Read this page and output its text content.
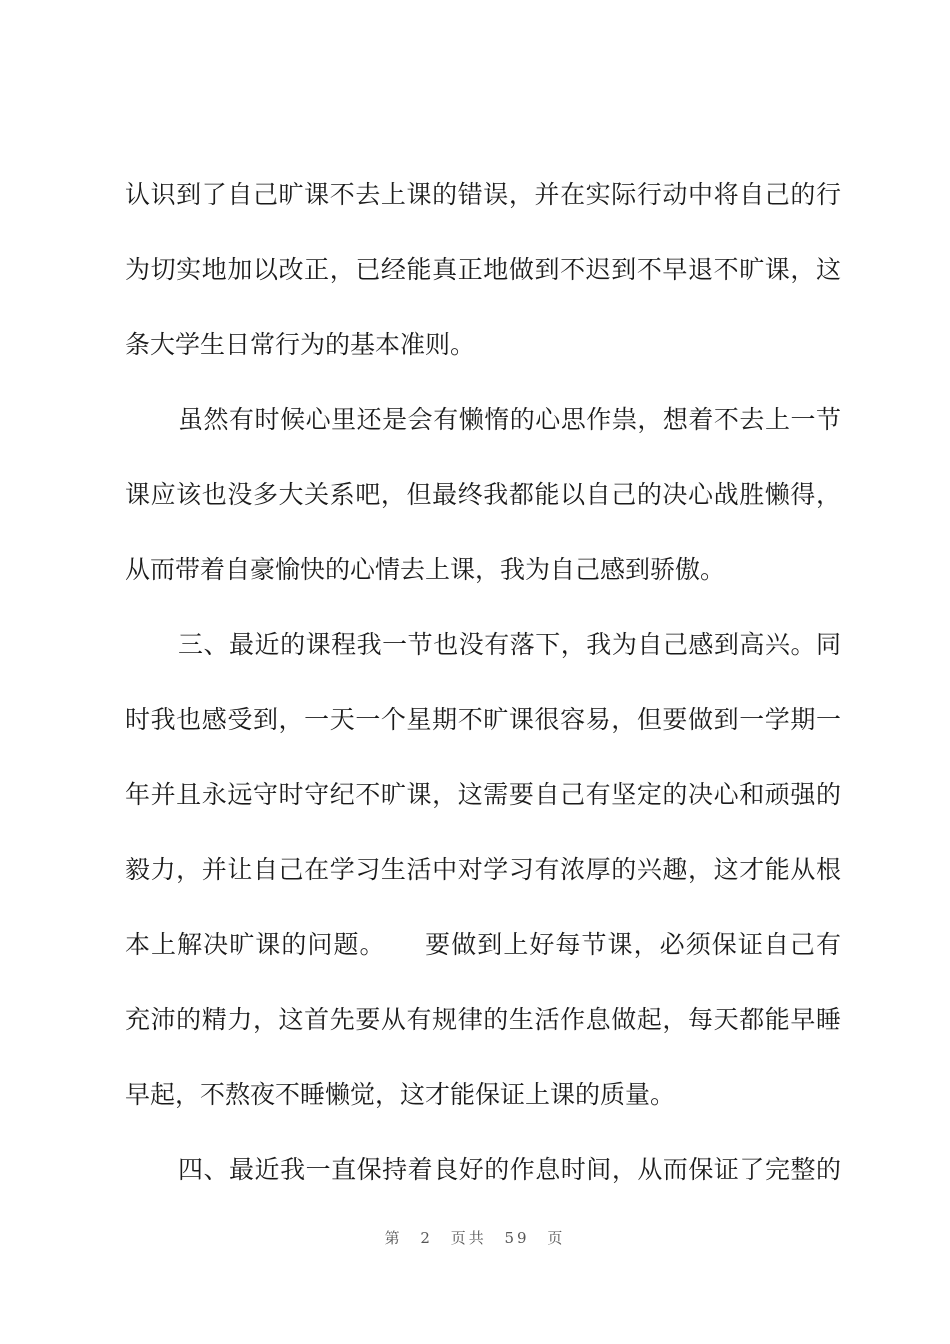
认识到了自己旷课不去上课的错误，并在实际行动中将自己的行
为切实地加以改正，已经能真正地做到不迟到不早退不旷课，这
条大学生日常行为的基本准则。
虽然有时候心里还是会有懒惰的心思作祟，想着不去上一节
课应该也没多大关系吧，但最终我都能以自己的决心战胜懒得，
从而带着自豪愉快的心情去上课，我为自己感到骄傲。
三、最近的课程我一节也没有落下，我为自己感到高兴。同
时我也感受到，一天一个星期不旷课很容易，但要做到一学期一
年并且永远守时守纪不旷课，这需要自己有坚定的决心和顽强的
毅力，并让自己在学习生活中对学习有浓厚的兴趣，这才能从根
本上解决旷课的问题。　　要做到上好每节课，必须保证自己有
充沛的精力，这首先要从有规律的生活作息做起，每天都能早睡
早起，不熬夜不睡懒觉，这才能保证上课的质量。
四、最近我一直保持着良好的作息时间，从而保证了完整的
第 2 页共 59 页
